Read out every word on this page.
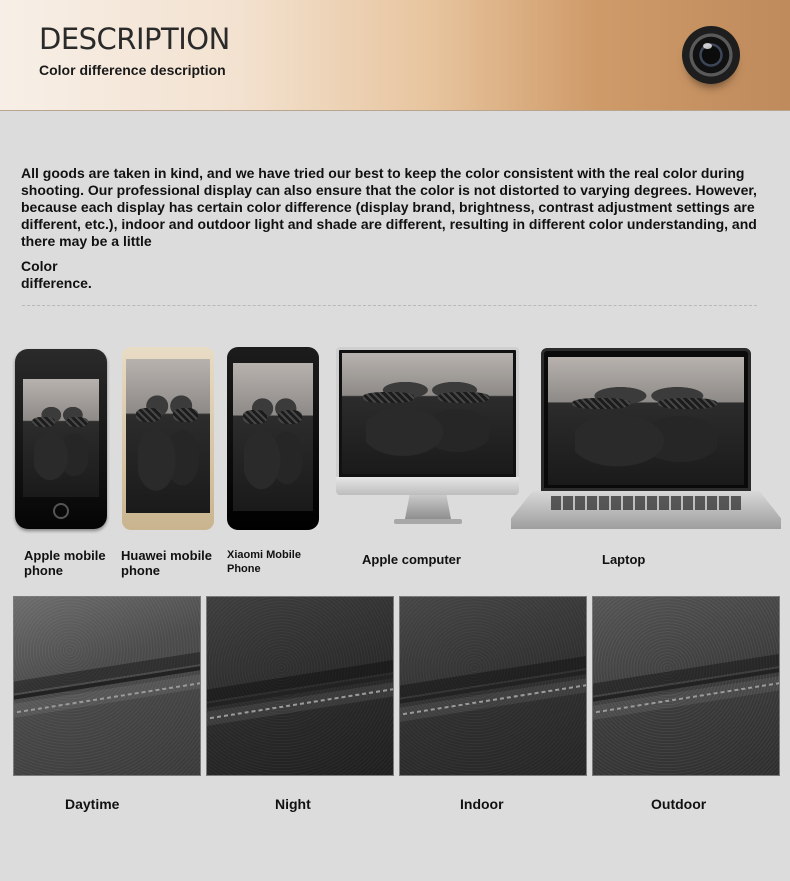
DESCRIPTION
Color difference description

All goods are taken in kind, and we have tried our best to keep the color consistent with the real color during shooting. Our professional display can also ensure that the color is not distorted to varying degrees. However, because each display has certain color difference (display brand, brightness, contrast adjustment settings are different, etc.), indoor and outdoor light and shade are different, resulting in different color understanding, and there may be a little

Color difference.

Apple mobile phone
Huawei mobile phone
Xiaomi Mobile Phone
Apple computer	Laptop
Daytime	Night	Indoor	Outdoor
